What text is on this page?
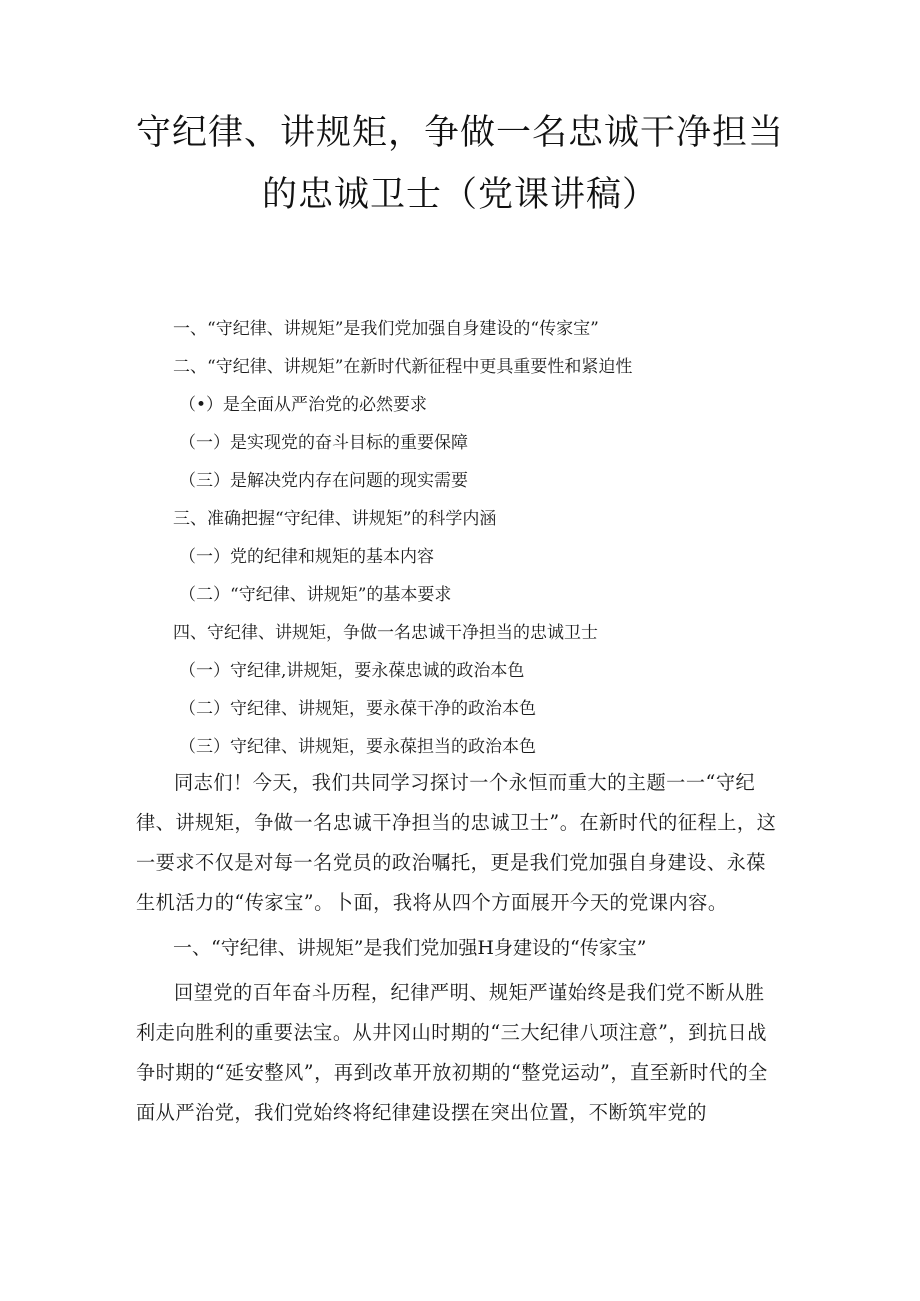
守纪律、讲规矩，争做一名忠诚干净担当
的忠诚卫士（党课讲稿）
一、“守纪律、讲规矩”是我们党加强自身建设的“传家宝”
二、“守纪律、讲规矩”在新时代新征程中更具重要性和紧迫性
（•）是全面从严治党的必然要求
（一）是实现党的奋斗目标的重要保障
（三）是解决党内存在问题的现实需要
三、准确把握“守纪律、讲规矩”的科学内涵
（一）党的纪律和规矩的基本内容
（二）“守纪律、讲规矩”的基本要求
四、守纪律、讲规矩，争做一名忠诚干净担当的忠诚卫士
（一）守纪律,讲规矩，要永葆忠诚的政治本色
（二）守纪律、讲规矩，要永葆干净的政治本色
（三）守纪律、讲规矩，要永葆担当的政治本色
同志们！今天，我们共同学习探讨一个永恒而重大的主题一一“守纪律、讲规矩，争做一名忠诚干净担当的忠诚卫士”。在新时代的征程上，这一要求不仅是对每一名党员的政治嘱托，更是我们党加强自身建设、永葆生机活力的“传家宝”。卜面，我将从四个方面展开今天的党课内容。
一、“守纪律、讲规矩”是我们党加强H身建设的“传家宝”
回望党的百年奋斗历程，纪律严明、规矩严谨始终是我们党不断从胜利走向胜利的重要法宝。从井冈山时期的“三大纪律八项注意”，到抗日战争时期的“延安整风”，再到改革开放初期的“整党运动”，直至新时代的全面从严治党，我们党始终将纪律建设摆在突出位置，不断筑牢党的
